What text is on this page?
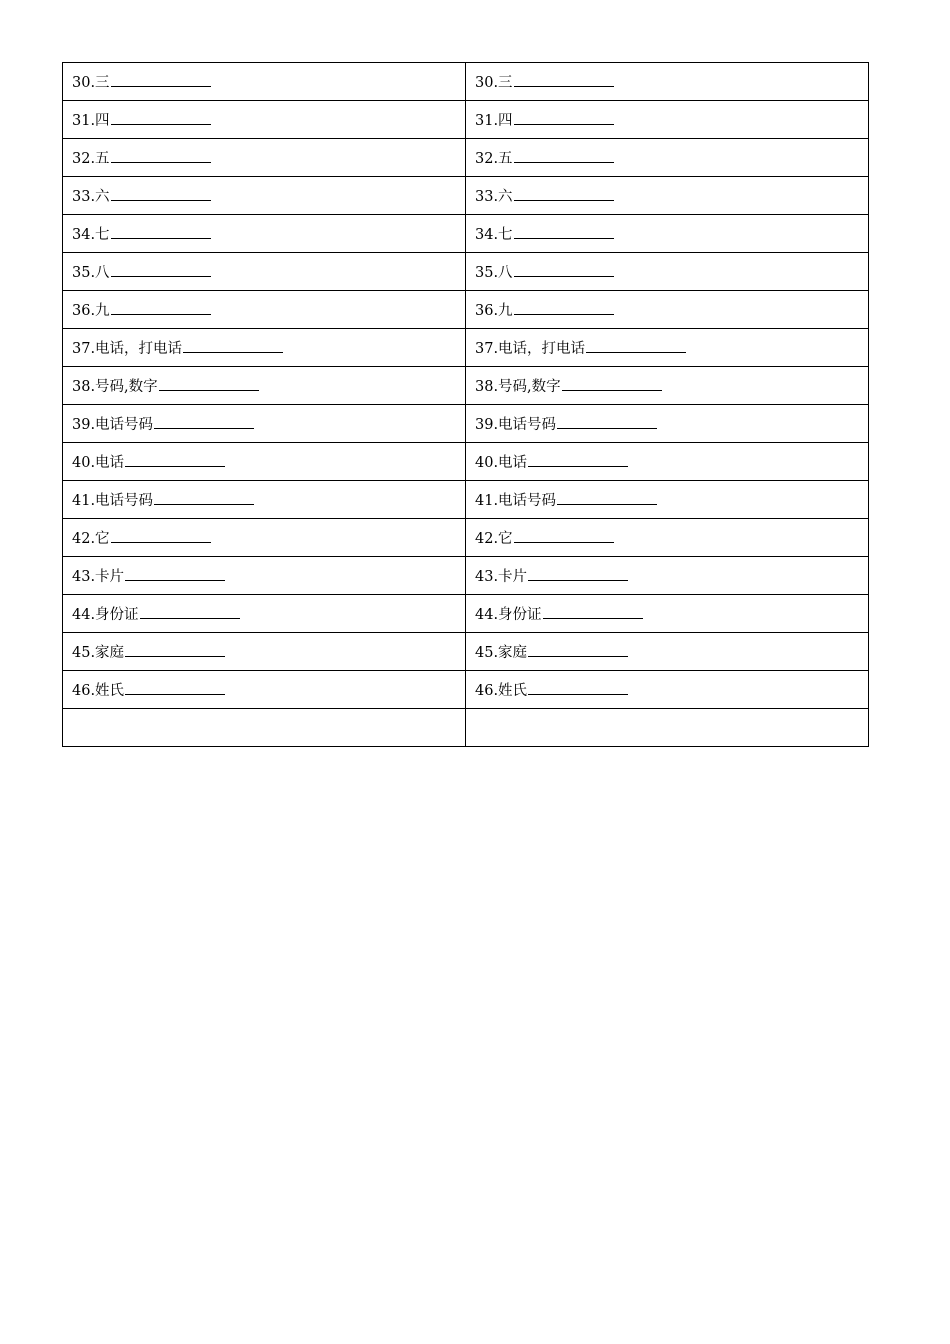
30.三	30.三
31.四	31.四
32.五	32.五
33.六	33.六
34.七	34.七
35.八	35.八
36.九	36.九
37.电话，打电话	37.电话，打电话
38.号码,数字	38.号码,数字
39.电话号码	39.电话号码
40.电话	40.电话
41.电话号码	41.电话号码
42.它	42.它
43.卡片	43.卡片
44.身份证	44.身份证
45.家庭	45.家庭
46.姓氏	46.姓氏
